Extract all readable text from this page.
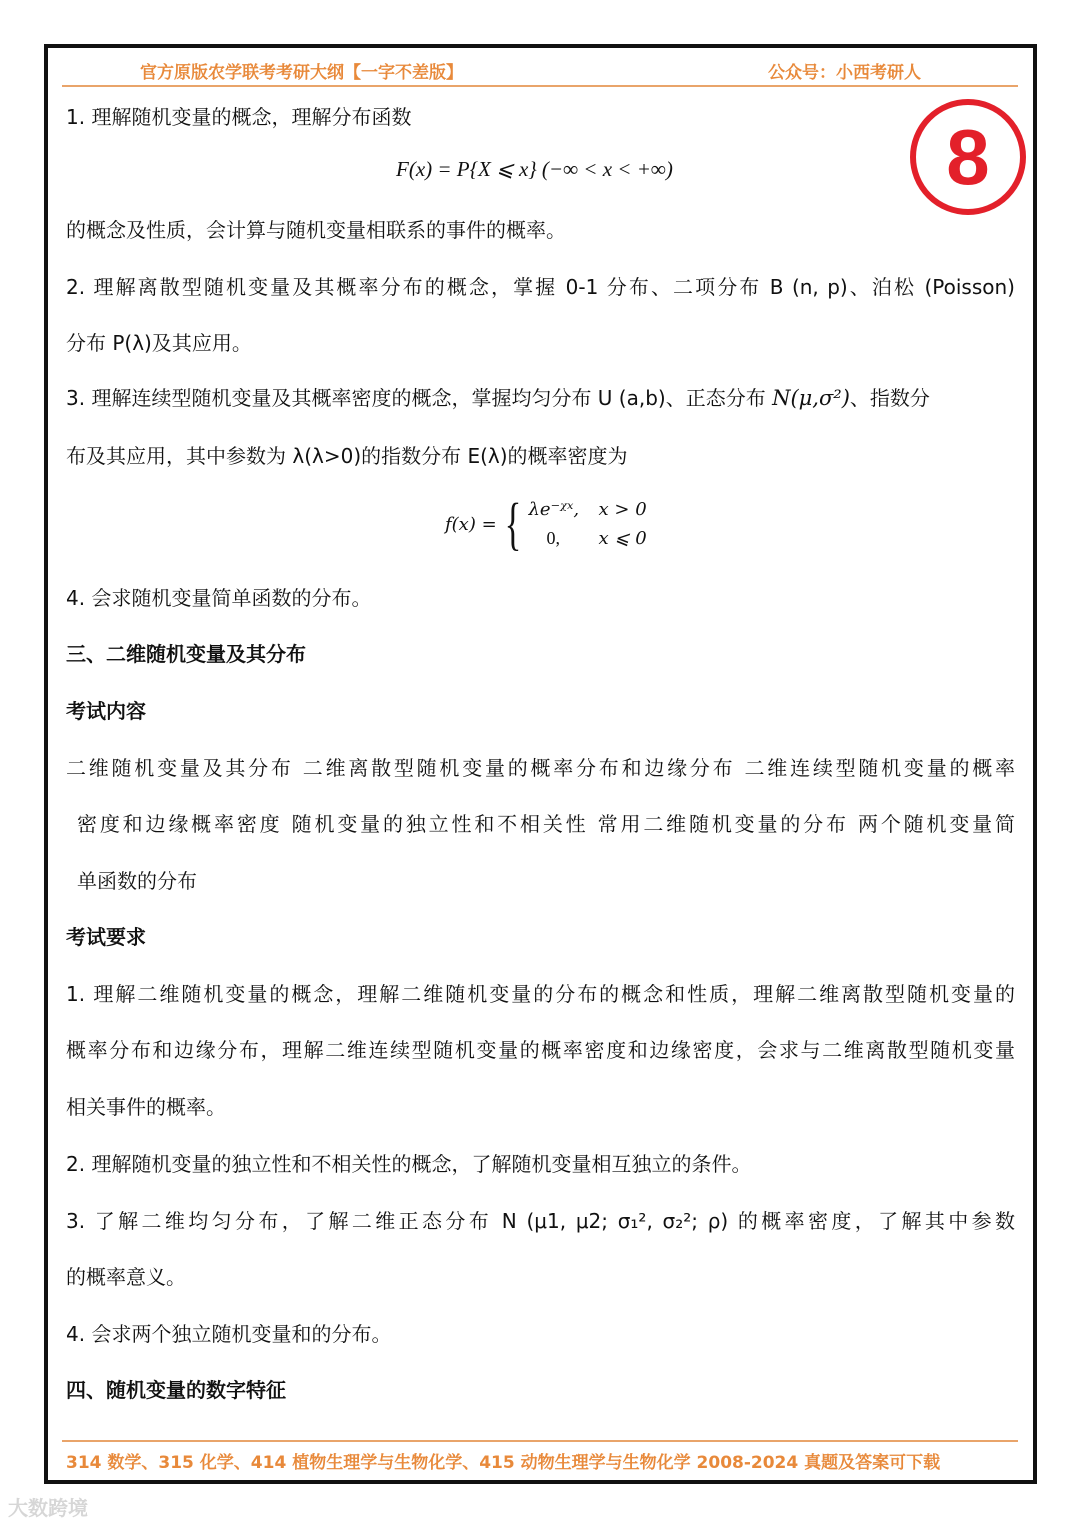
官方原版农学联考考研大纲【一字不差版】	公众号：小西考研人
8
1. 理解随机变量的概念，理解分布函数
F(x) = P{X ⩽ x} (−∞ < x < +∞)
的概念及性质，会计算与随机变量相联系的事件的概率。
2. 理解离散型随机变量及其概率分布的概念，掌握 0-1 分布、二项分布 B (n, p)、泊松 (Poisson)
分布 P(λ)及其应用。
3. 理解连续型随机变量及其概率密度的概念，掌握均匀分布 U (a,b)、正态分布 N(μ,σ²)、指数分
布及其应用，其中参数为 λ(λ>0)的指数分布 E(λ)的概率密度为
f(x) = { λe⁻ᵡˣ,	x > 0
0,	x ⩽ 0
4. 会求随机变量简单函数的分布。
三、二维随机变量及其分布
考试内容
二维随机变量及其分布 二维离散型随机变量的概率分布和边缘分布 二维连续型随机变量的概率
密度和边缘概率密度 随机变量的独立性和不相关性 常用二维随机变量的分布 两个随机变量简
单函数的分布
考试要求
1. 理解二维随机变量的概念，理解二维随机变量的分布的概念和性质，理解二维离散型随机变量的
概率分布和边缘分布，理解二维连续型随机变量的概率密度和边缘密度，会求与二维离散型随机变量
相关事件的概率。
2. 理解随机变量的独立性和不相关性的概念，了解随机变量相互独立的条件。
3. 了解二维均匀分布，了解二维正态分布 N (μ1, μ2; σ₁², σ₂²; ρ) 的概率密度，了解其中参数
的概率意义。
4. 会求两个独立随机变量和的分布。
四、随机变量的数字特征
314 数学、315 化学、414 植物生理学与生物化学、415 动物生理学与生物化学 2008-2024 真题及答案可下载
大数跨境
